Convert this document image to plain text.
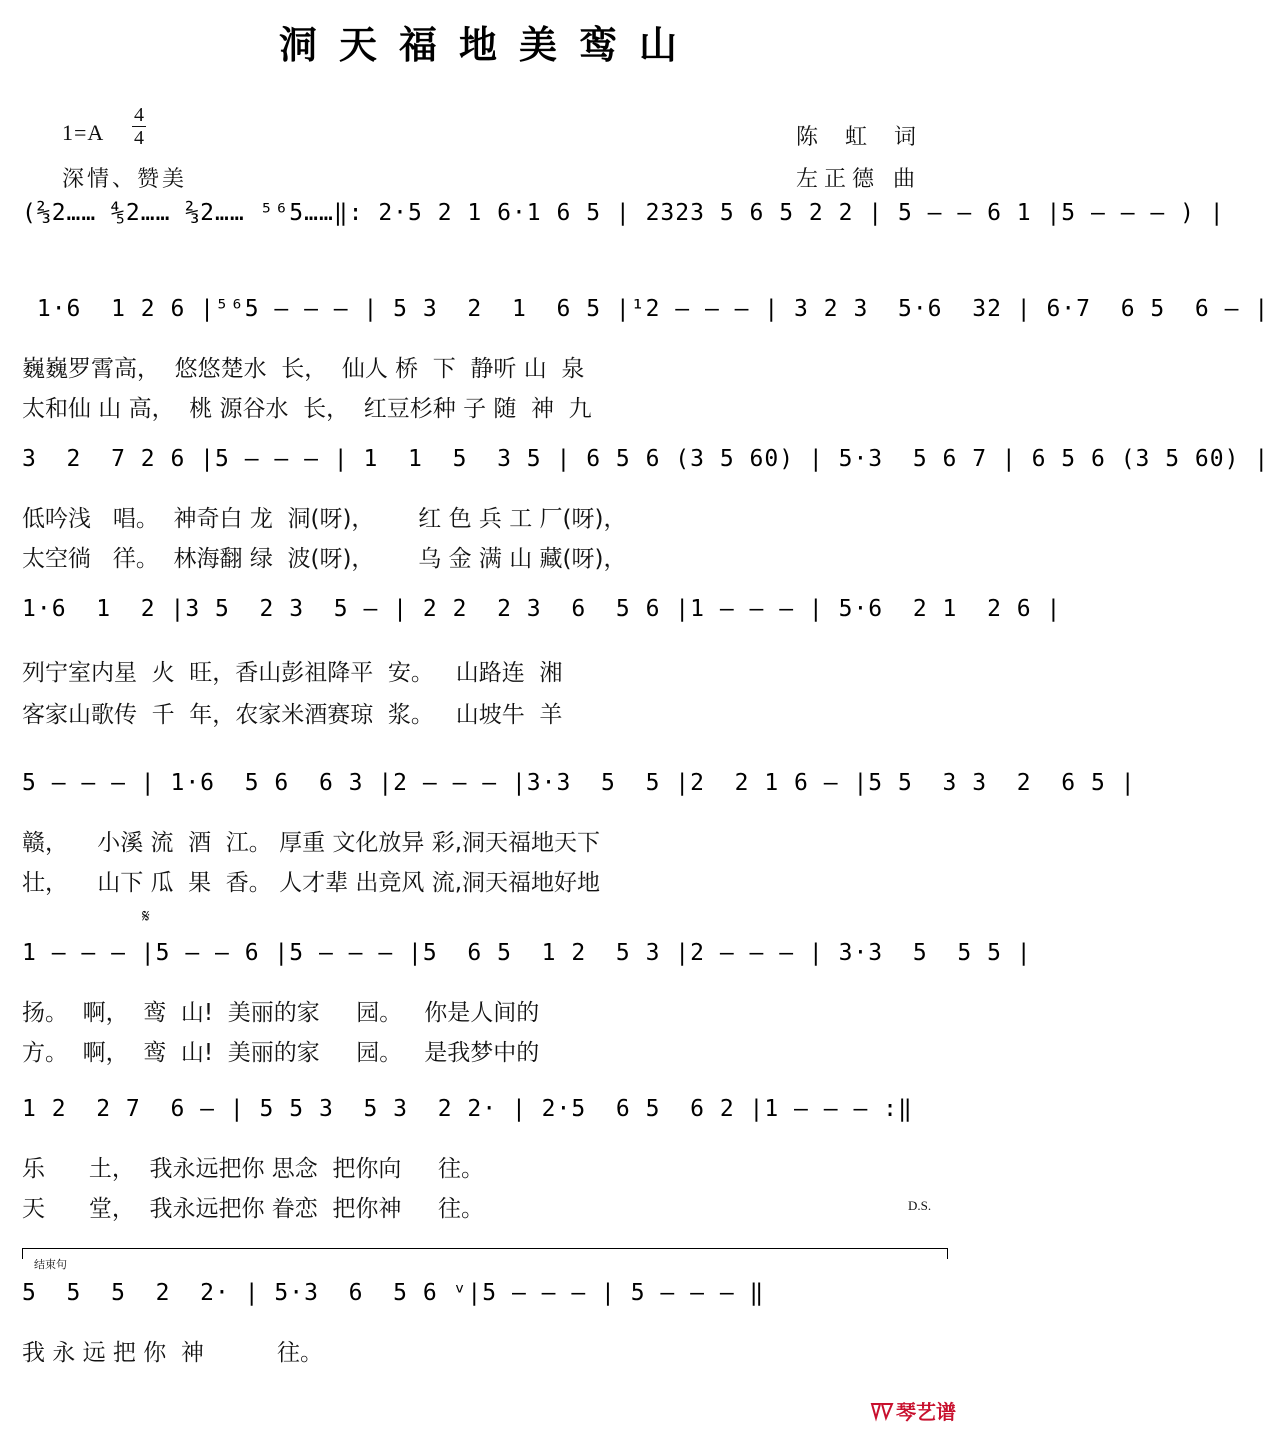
洞天福地美鸾山
1=A
4
4
深情、赞美
陈 虹 词
左正德 曲
(⅔2…… ⅘2…… ⅔2…… ⁵⁶5……‖: 2·5 2 1 6·1 6 5 | 2323 5 6 5 2 2 | 5 – – 6 1 |5 – – – ) |
1·6  1 2 6 |⁵⁶5 – – – | 5 3  2  1  6 5 |¹2 – – – | 3 2 3  5·6  32 | 6·7  6 5  6 – |
巍巍罗霄高，  悠悠楚水  长，  仙人 桥  下  静听 山  泉
太和仙 山 高，  桃 源谷水  长，  红豆杉种 子 随  神  九
3  2  7 2 6 |5 – – – | 1  1  5  3 5 | 6 5 6 (3 5 60) | 5·3  5 6 7 | 6 5 6 (3 5 60) |
低吟浅   唱。  神奇白 龙  洞(呀)，      红 色 兵 工 厂(呀)，
太空徜   徉。  林海翻 绿  波(呀)，      乌 金 满 山 藏(呀)，
1·6  1  2 |3 5  2 3  5 – | 2 2  2 3  6  5 6 |1 – – – | 5·6  2 1  2 6 |
列宁室内星  火  旺，香山彭祖降平  安。   山路连  湘
客家山歌传  千  年，农家米酒赛琼  浆。   山坡牛  羊
5 – – – | 1·6  5 6  6 3 |2 – – – |3·3  5  5 |2  2 1 6 – |5 5  3 3  2  6 5 |
赣，    小溪 流  酒  江。 厚重 文化放异 彩,洞天福地天下
壮，    山下 瓜  果  香。 人才辈 出竞风 流,洞天福地好地
𝄋
1 – – – |5 – – 6 |5 – – – |5  6 5  1 2  5 3 |2 – – – | 3·3  5  5 5 |
扬。  啊，  鸾  山!  美丽的家     园。   你是人间的
方。  啊，  鸾  山!  美丽的家     园。   是我梦中的
1 2  2 7  6 – | 5 5 3  5 3  2 2· | 2·5  6 5  6 2 |1 – – – :‖
乐      土，  我永远把你 思念  把你向     往。
天      堂，  我永远把你 眷恋  把你神     往。	D.S.
结束句
5  5  5  2  2· | 5·3  6  5 6 ᵛ|5 – – – | 5 – – – ‖
我 永 远 把 你  神          往。
琴艺谱
